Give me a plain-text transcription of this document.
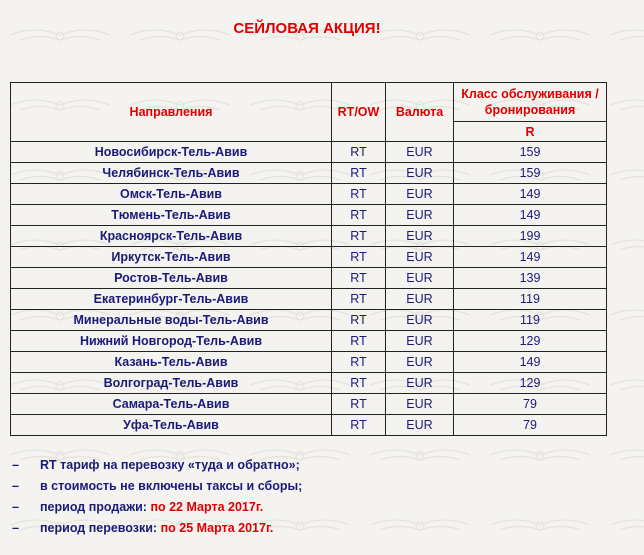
СЕЙЛОВАЯ АКЦИЯ!
Направления	RT/OW	Валюта	Класс обслуживания / бронирования
			R
Новосибирск-Тель-Авив	RT	EUR	159
Челябинск-Тель-Авив	RT	EUR	159
Омск-Тель-Авив	RT	EUR	149
Тюмень-Тель-Авив	RT	EUR	149
Красноярск-Тель-Авив	RT	EUR	199
Иркутск-Тель-Авив	RT	EUR	149
Ростов-Тель-Авив	RT	EUR	139
Екатеринбург-Тель-Авив	RT	EUR	119
Минеральные воды-Тель-Авив	RT	EUR	119
Нижний Новгород-Тель-Авив	RT	EUR	129
Казань-Тель-Авив	RT	EUR	149
Волгоград-Тель-Авив	RT	EUR	129
Самара-Тель-Авив	RT	EUR	79
Уфа-Тель-Авив	RT	EUR	79
– RT тариф на перевозку «туда и обратно»;
– в стоимость не включены таксы и сборы;
– период продажи: по 22 Марта 2017г.
– период перевозки: по 25 Марта 2017г.
